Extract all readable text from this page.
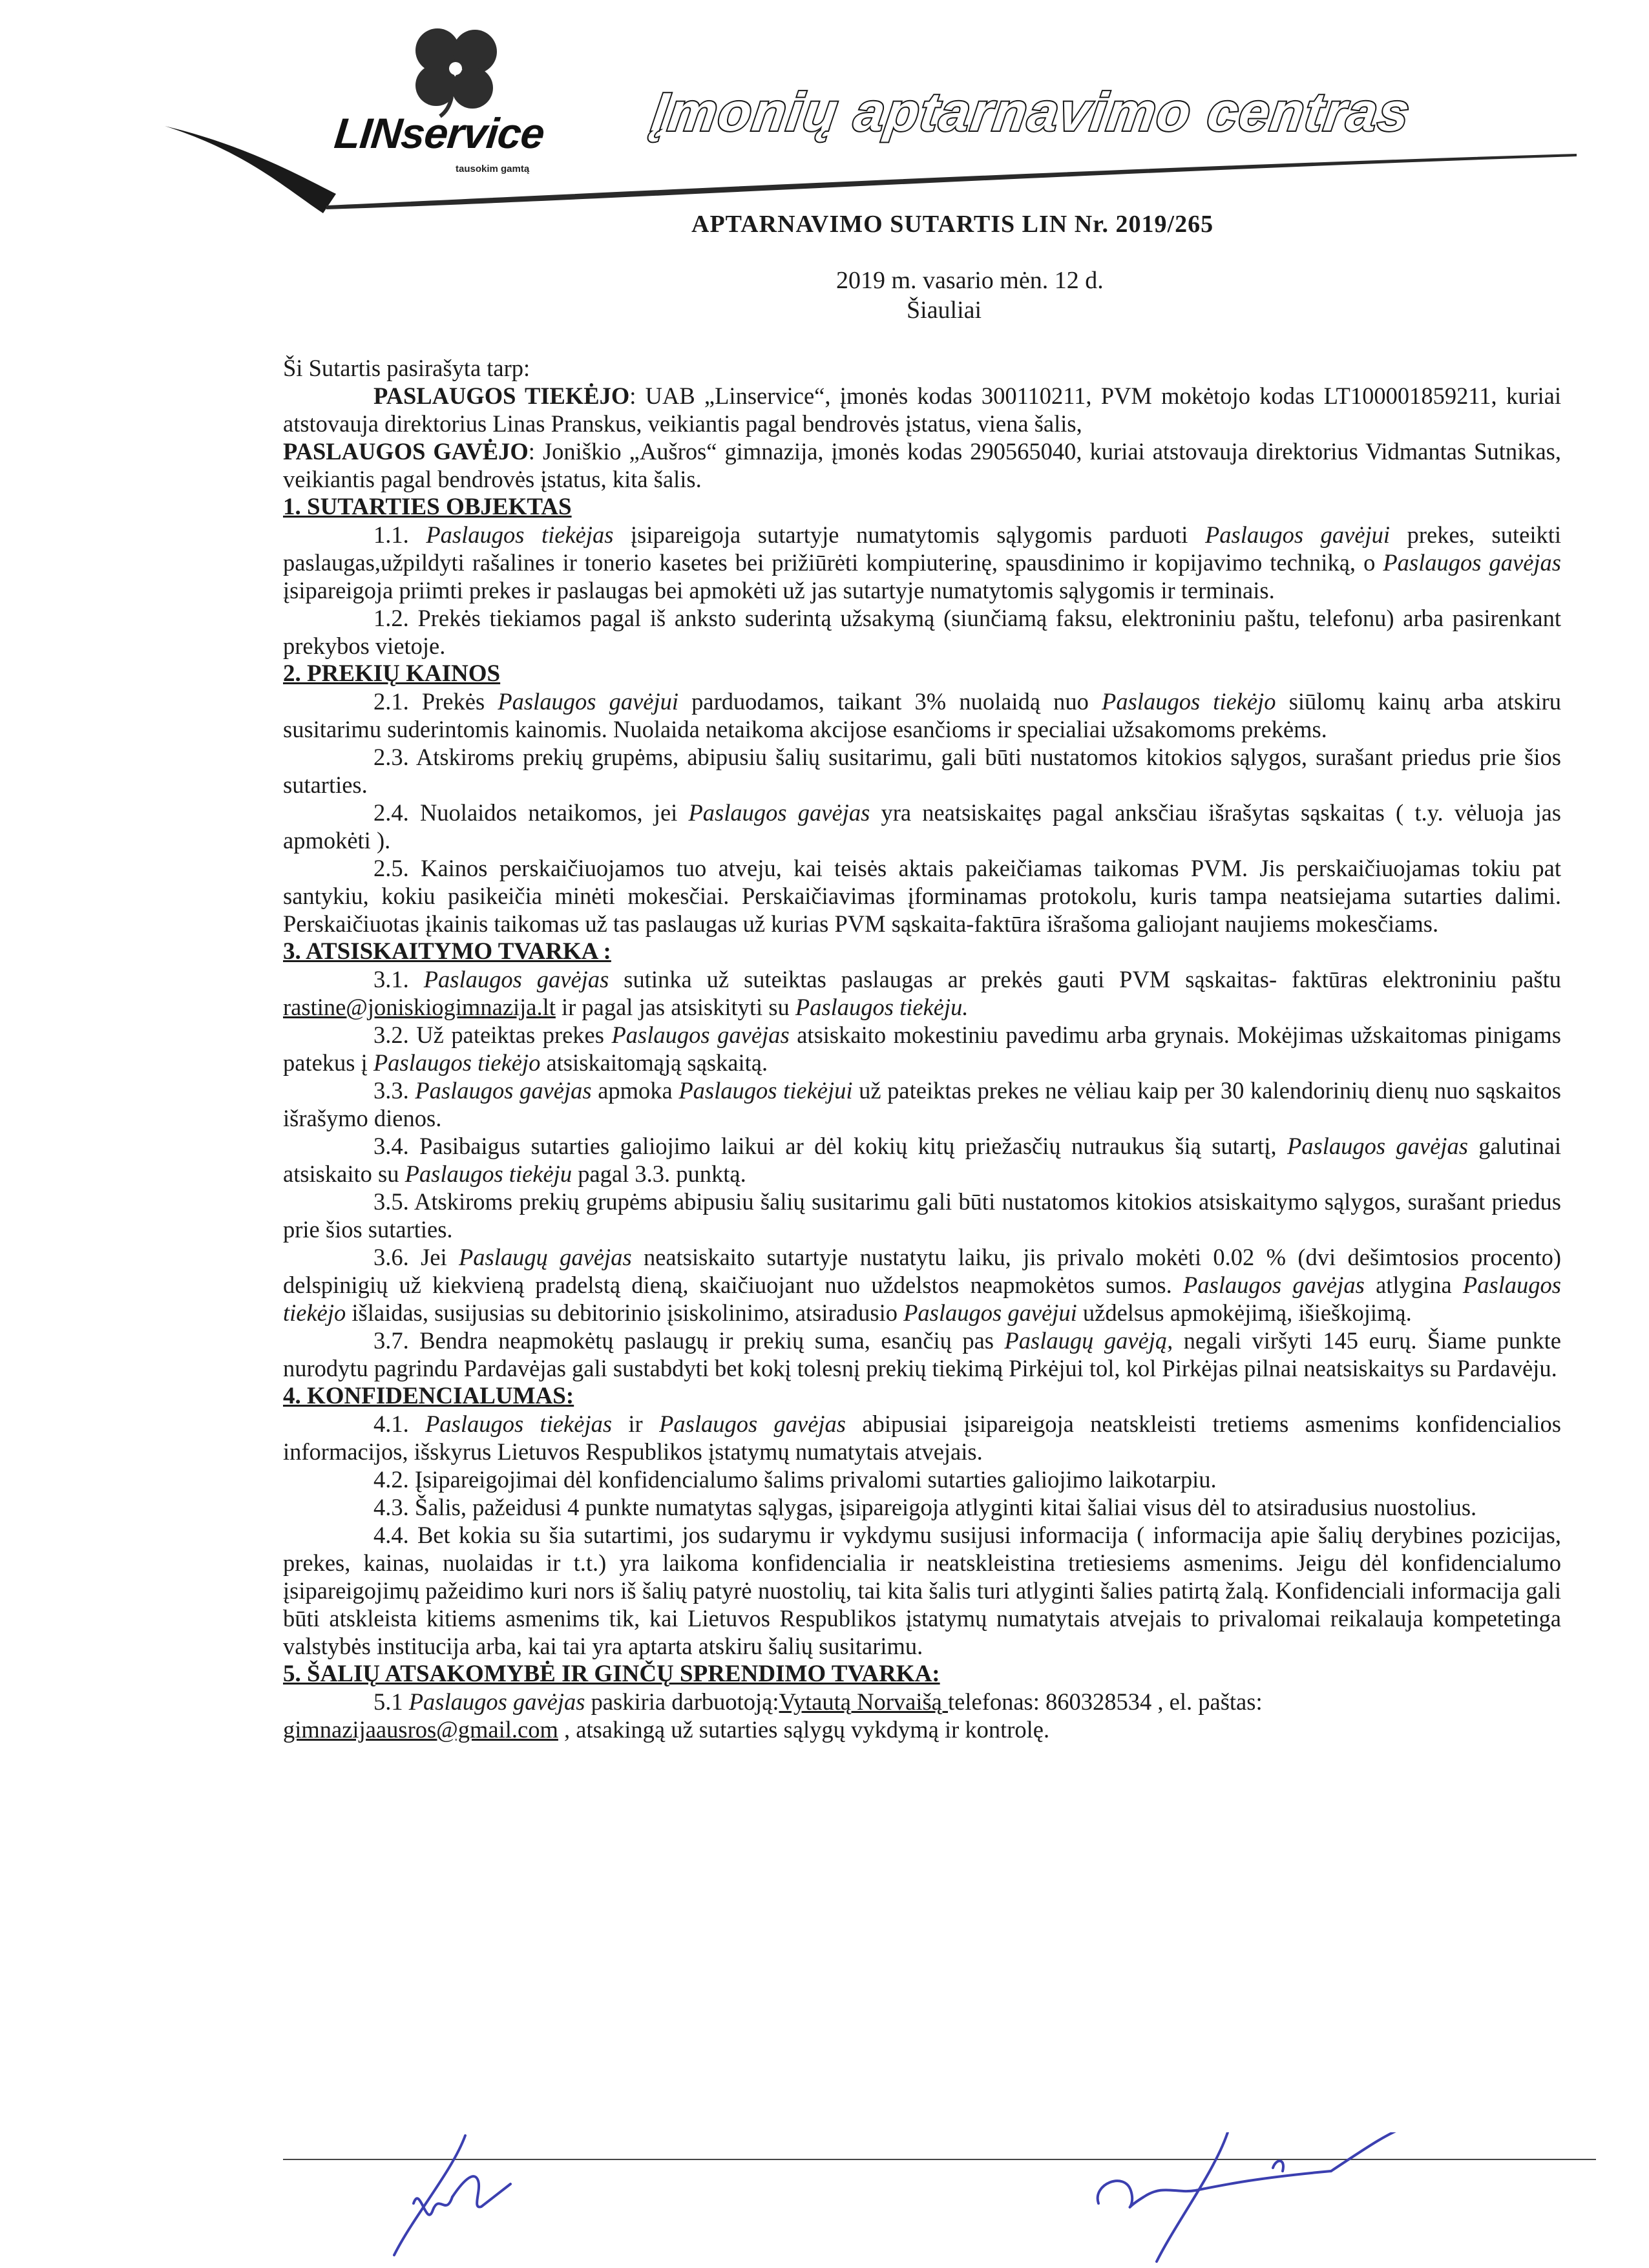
LINservice
tausokim gamtą
Įmonių aptarnavimo centras
APTARNAVIMO SUTARTIS LIN Nr. 2019/265
2019 m. vasario mėn. 12 d.
Šiauliai

Ši Sutartis pasirašyta tarp:

PASLAUGOS TIEKĖJO: UAB „Linservice“, įmonės kodas 300110211, PVM mokėtojo kodas LT100001859211, kuriai atstovauja direktorius Linas Pranskus, veikiantis pagal bendrovės įstatus, viena šalis,

PASLAUGOS GAVĖJO: Joniškio „Aušros“ gimnazija, įmonės kodas 290565040, kuriai atstovauja direktorius Vidmantas Sutnikas, veikiantis pagal bendrovės įstatus, kita šalis.

1. SUTARTIES OBJEKTAS

1.1. Paslaugos tiekėjas įsipareigoja sutartyje numatytomis sąlygomis parduoti Paslaugos gavėjui prekes, suteikti paslaugas,užpildyti rašalines ir tonerio kasetes bei prižiūrėti kompiuterinę, spausdinimo ir kopijavimo techniką, o Paslaugos gavėjas įsipareigoja priimti prekes ir paslaugas bei apmokėti už jas sutartyje numatytomis sąlygomis ir terminais.

1.2. Prekės tiekiamos pagal iš anksto suderintą užsakymą (siunčiamą faksu, elektroniniu paštu, telefonu) arba pasirenkant prekybos vietoje.

2. PREKIŲ KAINOS

2.1. Prekės Paslaugos gavėjui parduodamos, taikant 3% nuolaidą nuo Paslaugos tiekėjo siūlomų kainų arba atskiru susitarimu suderintomis kainomis. Nuolaida netaikoma akcijose esančioms ir specialiai užsakomoms prekėms.

2.3. Atskiroms prekių grupėms, abipusiu šalių susitarimu, gali būti nustatomos kitokios sąlygos, surašant priedus prie šios sutarties.

2.4. Nuolaidos netaikomos, jei Paslaugos gavėjas yra neatsiskaitęs pagal anksčiau išrašytas sąskaitas ( t.y. vėluoja jas apmokėti ).

2.5. Kainos perskaičiuojamos tuo atveju, kai teisės aktais pakeičiamas taikomas PVM. Jis perskaičiuojamas tokiu pat santykiu, kokiu pasikeičia minėti mokesčiai. Perskaičiavimas įforminamas protokolu, kuris tampa neatsiejama sutarties dalimi. Perskaičiuotas įkainis taikomas už tas paslaugas už kurias PVM sąskaita-faktūra išrašoma galiojant naujiems mokesčiams.

3. ATSISKAITYMO TVARKA :

3.1. Paslaugos gavėjas sutinka už suteiktas paslaugas ar prekės gauti PVM sąskaitas- faktūras elektroniniu paštu rastine@joniskiogimnazija.lt ir pagal jas atsiskityti su Paslaugos tiekėju.

3.2. Už pateiktas prekes Paslaugos gavėjas atsiskaito mokestiniu pavedimu arba grynais. Mokėjimas užskaitomas pinigams patekus į Paslaugos tiekėjo atsiskaitomąją sąskaitą.

3.3. Paslaugos gavėjas apmoka Paslaugos tiekėjui už pateiktas prekes ne vėliau kaip per 30 kalendorinių dienų nuo sąskaitos išrašymo dienos.

3.4. Pasibaigus sutarties galiojimo laikui ar dėl kokių kitų priežasčių nutraukus šią sutartį, Paslaugos gavėjas galutinai atsiskaito su Paslaugos tiekėju pagal 3.3. punktą.

3.5. Atskiroms prekių grupėms abipusiu šalių susitarimu gali būti nustatomos kitokios atsiskaitymo sąlygos, surašant priedus prie šios sutarties.

3.6. Jei Paslaugų gavėjas neatsiskaito sutartyje nustatytu laiku, jis privalo mokėti 0.02 % (dvi dešimtosios procento) delspinigių už kiekvieną pradelstą dieną, skaičiuojant nuo uždelstos neapmokėtos sumos. Paslaugos gavėjas atlygina Paslaugos tiekėjo išlaidas, susijusias su debitorinio įsiskolinimo, atsiradusio Paslaugos gavėjui uždelsus apmokėjimą, išieškojimą.

3.7. Bendra neapmokėtų paslaugų ir prekių suma, esančių pas Paslaugų gavėją, negali viršyti 145 eurų. Šiame punkte nurodytu pagrindu Pardavėjas gali sustabdyti bet kokį tolesnį prekių tiekimą Pirkėjui tol, kol Pirkėjas pilnai neatsiskaitys su Pardavėju.

4. KONFIDENCIALUMAS:

4.1. Paslaugos tiekėjas ir Paslaugos gavėjas abipusiai įsipareigoja neatskleisti tretiems asmenims konfidencialios informacijos, išskyrus Lietuvos Respublikos įstatymų numatytais atvejais.

4.2. Įsipareigojimai dėl konfidencialumo šalims privalomi sutarties galiojimo laikotarpiu.

4.3. Šalis, pažeidusi 4 punkte numatytas sąlygas, įsipareigoja atlyginti kitai šaliai visus dėl to atsiradusius nuostolius.

4.4. Bet kokia su šia sutartimi, jos sudarymu ir vykdymu susijusi informacija ( informacija apie šalių derybines pozicijas, prekes, kainas, nuolaidas ir t.t.) yra laikoma konfidencialia ir neatskleistina tretiesiems asmenims. Jeigu dėl konfidencialumo įsipareigojimų pažeidimo kuri nors iš šalių patyrė nuostolių, tai kita šalis turi atlyginti šalies patirtą žalą. Konfidenciali informacija gali būti atskleista kitiems asmenims tik, kai Lietuvos Respublikos įstatymų numatytais atvejais to privalomai reikalauja kompetetinga valstybės institucija arba, kai tai yra aptarta atskiru šalių susitarimu.

5. ŠALIŲ ATSAKOMYBĖ IR GINČŲ SPRENDIMO TVARKA:

5.1 Paslaugos gavėjas paskiria darbuotoją:Vytautą Norvaišą telefonas: 860328534 , el. paštas:
gimnazijaausros@gmail.com , atsakingą už sutarties sąlygų vykdymą ir kontrolę.
